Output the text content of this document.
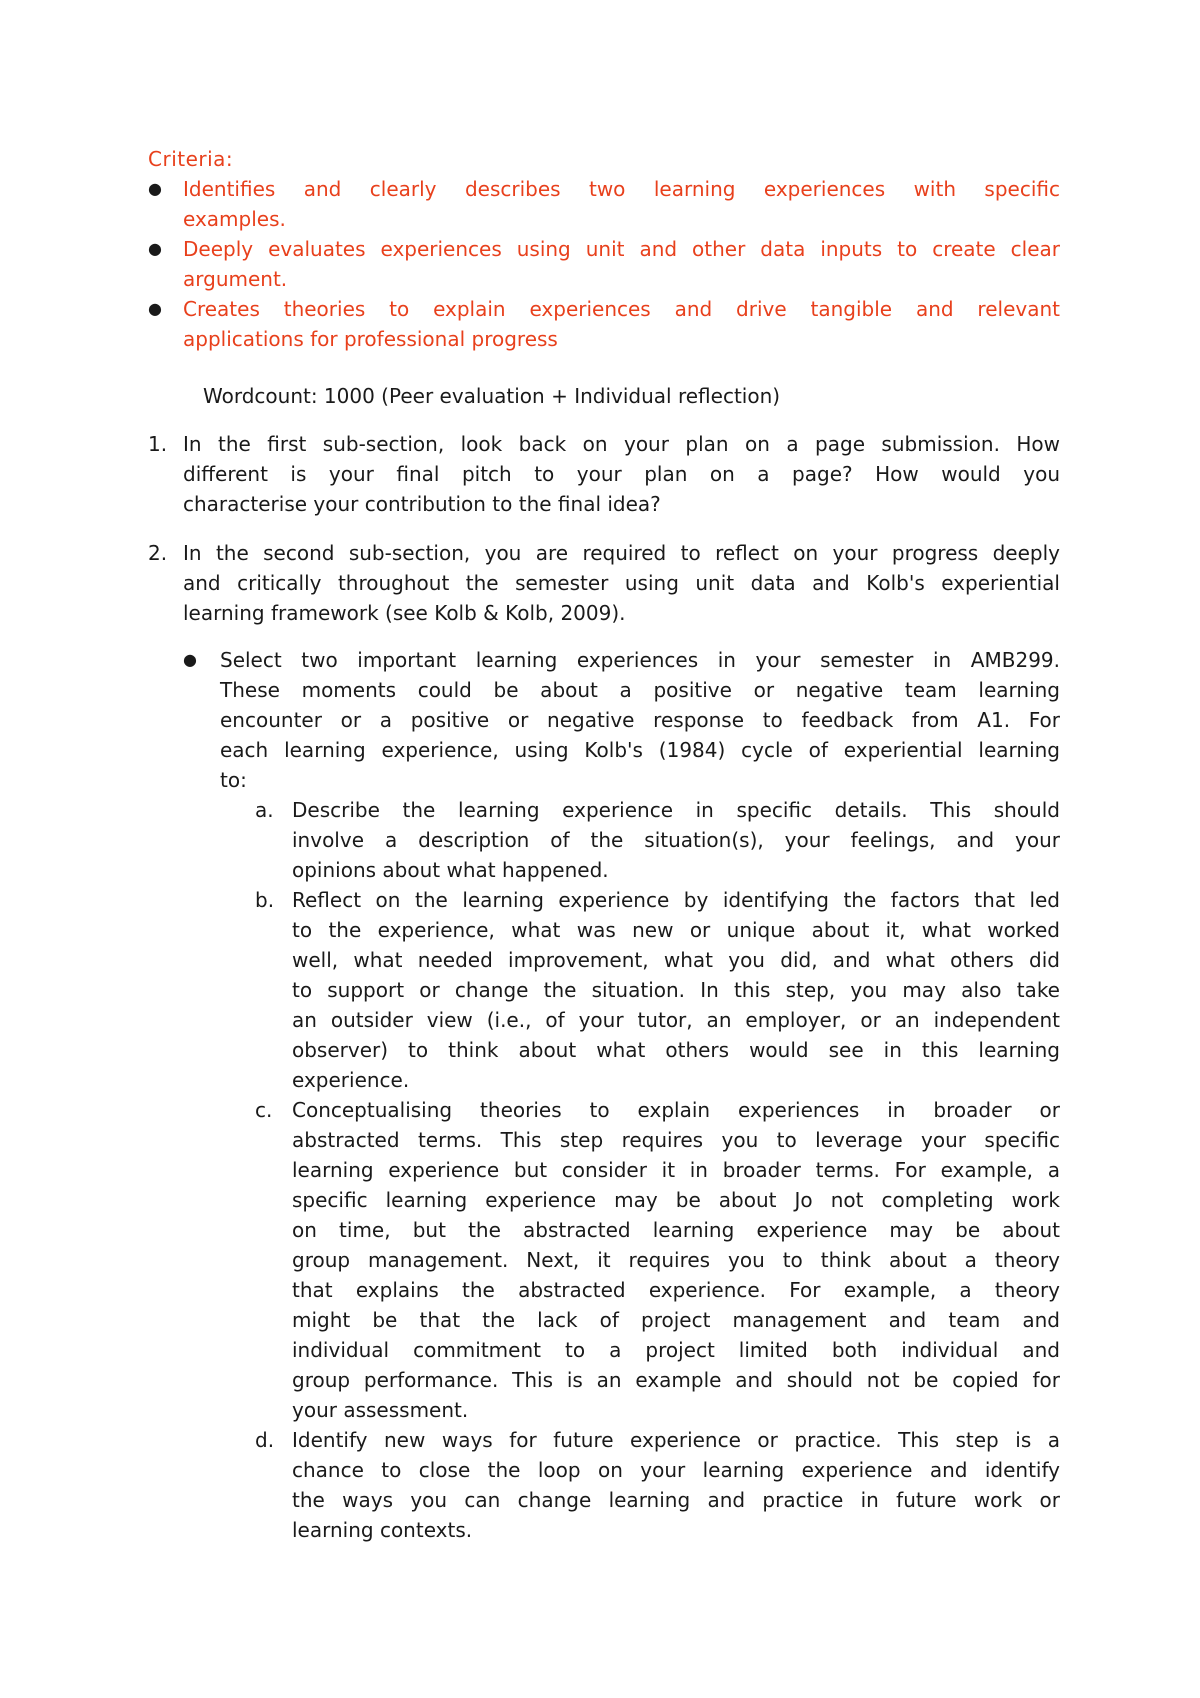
Criteria:
● Identifies and clearly describes two learning experiences with specific
examples.
● Deeply evaluates experiences using unit and other data inputs to create clear
argument.
● Creates theories to explain experiences and drive tangible and relevant
applications for professional progress
Wordcount: 1000 (Peer evaluation + Individual reflection)
1. In the first sub-section, look back on your plan on a page submission. How
different is your final pitch to your plan on a page? How would you
characterise your contribution to the final idea?
2. In the second sub-section, you are required to reflect on your progress deeply
and critically throughout the semester using unit data and Kolb's experiential
learning framework (see Kolb & Kolb, 2009).
● Select two important learning experiences in your semester in AMB299.
These moments could be about a positive or negative team learning
encounter or a positive or negative response to feedback from A1. For
each learning experience, using Kolb's (1984) cycle of experiential learning
to:
a. Describe the learning experience in specific details. This should
involve a description of the situation(s), your feelings, and your
opinions about what happened.
b. Reflect on the learning experience by identifying the factors that led
to the experience, what was new or unique about it, what worked
well, what needed improvement, what you did, and what others did
to support or change the situation. In this step, you may also take
an outsider view (i.e., of your tutor, an employer, or an independent
observer) to think about what others would see in this learning
experience.
c. Conceptualising theories to explain experiences in broader or
abstracted terms. This step requires you to leverage your specific
learning experience but consider it in broader terms. For example, a
specific learning experience may be about Jo not completing work
on time, but the abstracted learning experience may be about
group management. Next, it requires you to think about a theory
that explains the abstracted experience. For example, a theory
might be that the lack of project management and team and
individual commitment to a project limited both individual and
group performance. This is an example and should not be copied for
your assessment.
d. Identify new ways for future experience or practice. This step is a
chance to close the loop on your learning experience and identify
the ways you can change learning and practice in future work or
learning contexts.
